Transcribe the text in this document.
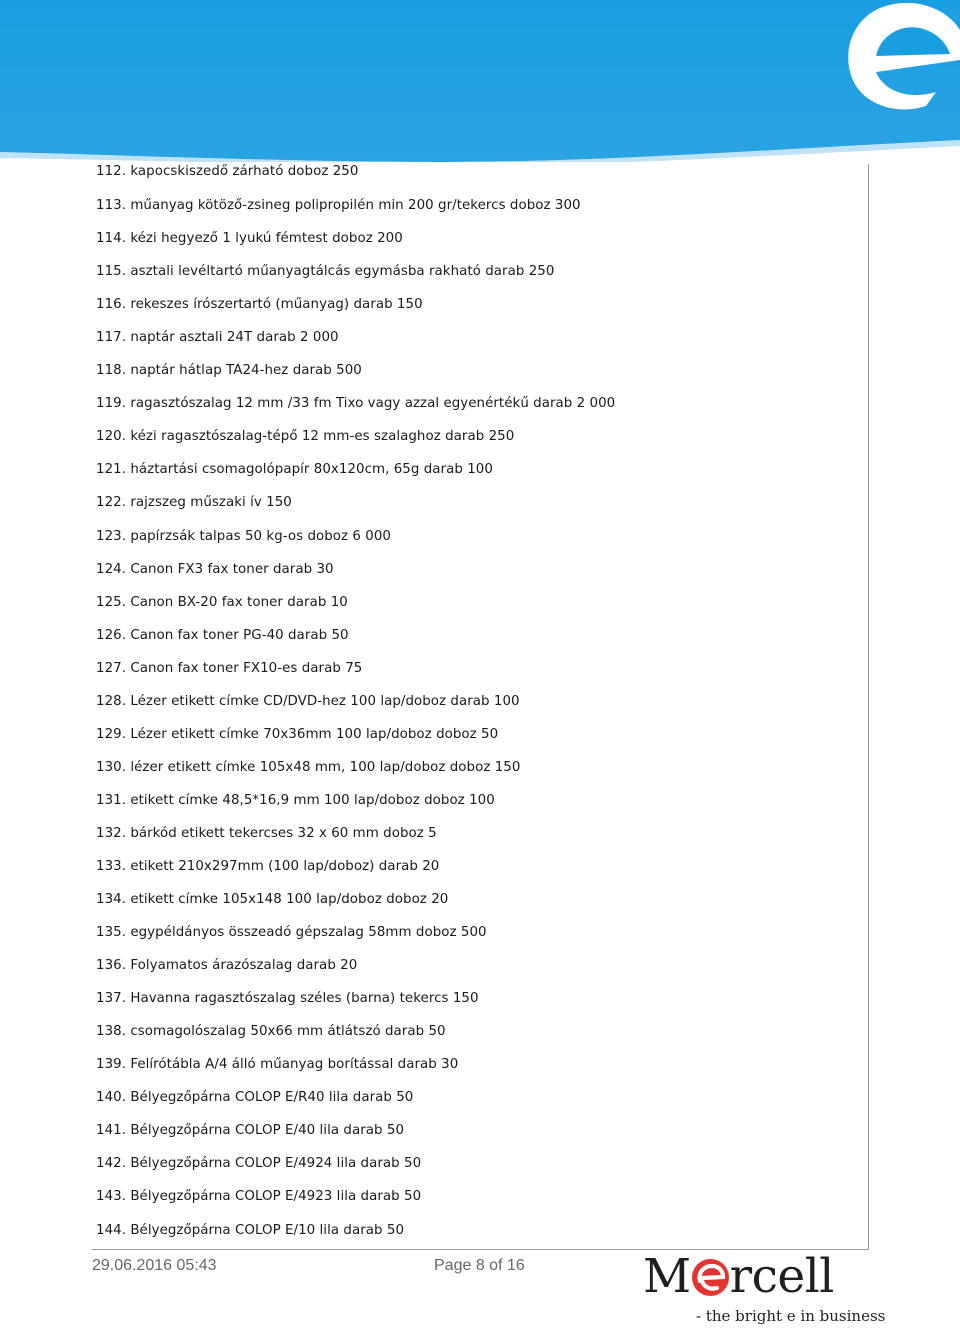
112. kapocskiszedő zárható doboz 250
113. műanyag kötöző-zsineg polipropilén min 200 gr/tekercs doboz 300
114. kézi hegyező 1 lyukú fémtest doboz 200
115. asztali levéltartó műanyagtálcás egymásba rakható darab 250
116. rekeszes írószertartó (műanyag) darab 150
117. naptár asztali 24T darab 2 000
118. naptár hátlap TA24-hez darab 500
119. ragasztószalag 12 mm /33 fm Tixo vagy azzal egyenértékű darab 2 000
120. kézi ragasztószalag-tépő 12 mm-es szalaghoz darab 250
121. háztartási csomagolópapír 80x120cm, 65g darab 100
122. rajzszeg műszaki ív 150
123. papírzsák talpas 50 kg-os doboz 6 000
124. Canon FX3 fax toner darab 30
125. Canon BX-20 fax toner darab 10
126. Canon fax toner PG-40 darab 50
127. Canon fax toner FX10-es darab 75
128. Lézer etikett címke CD/DVD-hez 100 lap/doboz darab 100
129. Lézer etikett címke 70x36mm 100 lap/doboz doboz 50
130. lézer etikett címke 105x48 mm, 100 lap/doboz doboz 150
131. etikett címke 48,5*16,9 mm 100 lap/doboz doboz 100
132. bárkód etikett tekercses 32 x 60 mm doboz 5
133. etikett 210x297mm (100 lap/doboz) darab 20
134. etikett címke 105x148 100 lap/doboz doboz 20
135. egypéldányos összeadó gépszalag 58mm doboz 500
136. Folyamatos árazószalag darab 20
137. Havanna ragasztószalag széles (barna) tekercs 150
138. csomagolószalag 50x66 mm átlátszó darab 50
139. Felírótábla A/4 álló műanyag borítással darab 30
140. Bélyegzőpárna COLOP E/R40 lila darab 50
141. Bélyegzőpárna COLOP E/40 lila darab 50
142. Bélyegzőpárna COLOP E/4924 lila darab 50
143. Bélyegzőpárna COLOP E/4923 lila darab 50
144. Bélyegzőpárna COLOP E/10 lila darab 50
29.06.2016 05:43	Page 8 of 16	M rcell
- the bright e in business
